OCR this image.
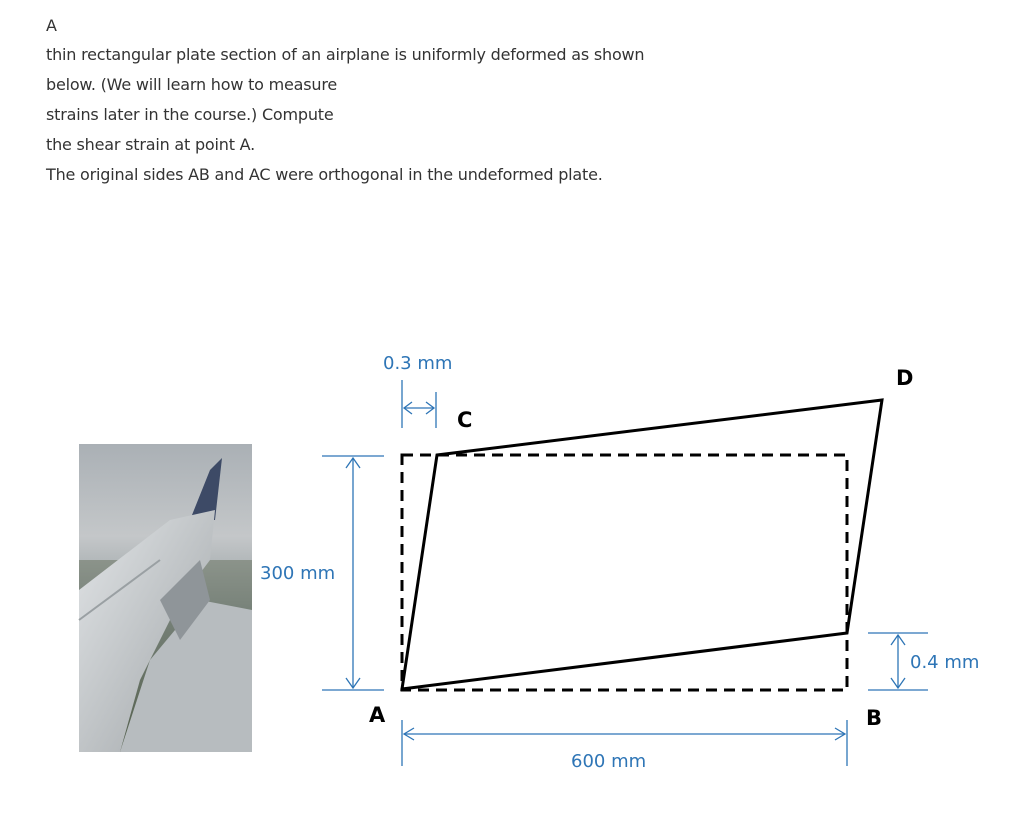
A
thin rectangular plate section of an airplane is uniformly deformed as shown
below. (We will learn how to measure
strains later in the course.) Compute
the shear strain at point A.
The original sides AB and AC were orthogonal in the undeformed plate.
0.3 mm
300 mm
600 mm
0.4 mm
A	B
C
D
